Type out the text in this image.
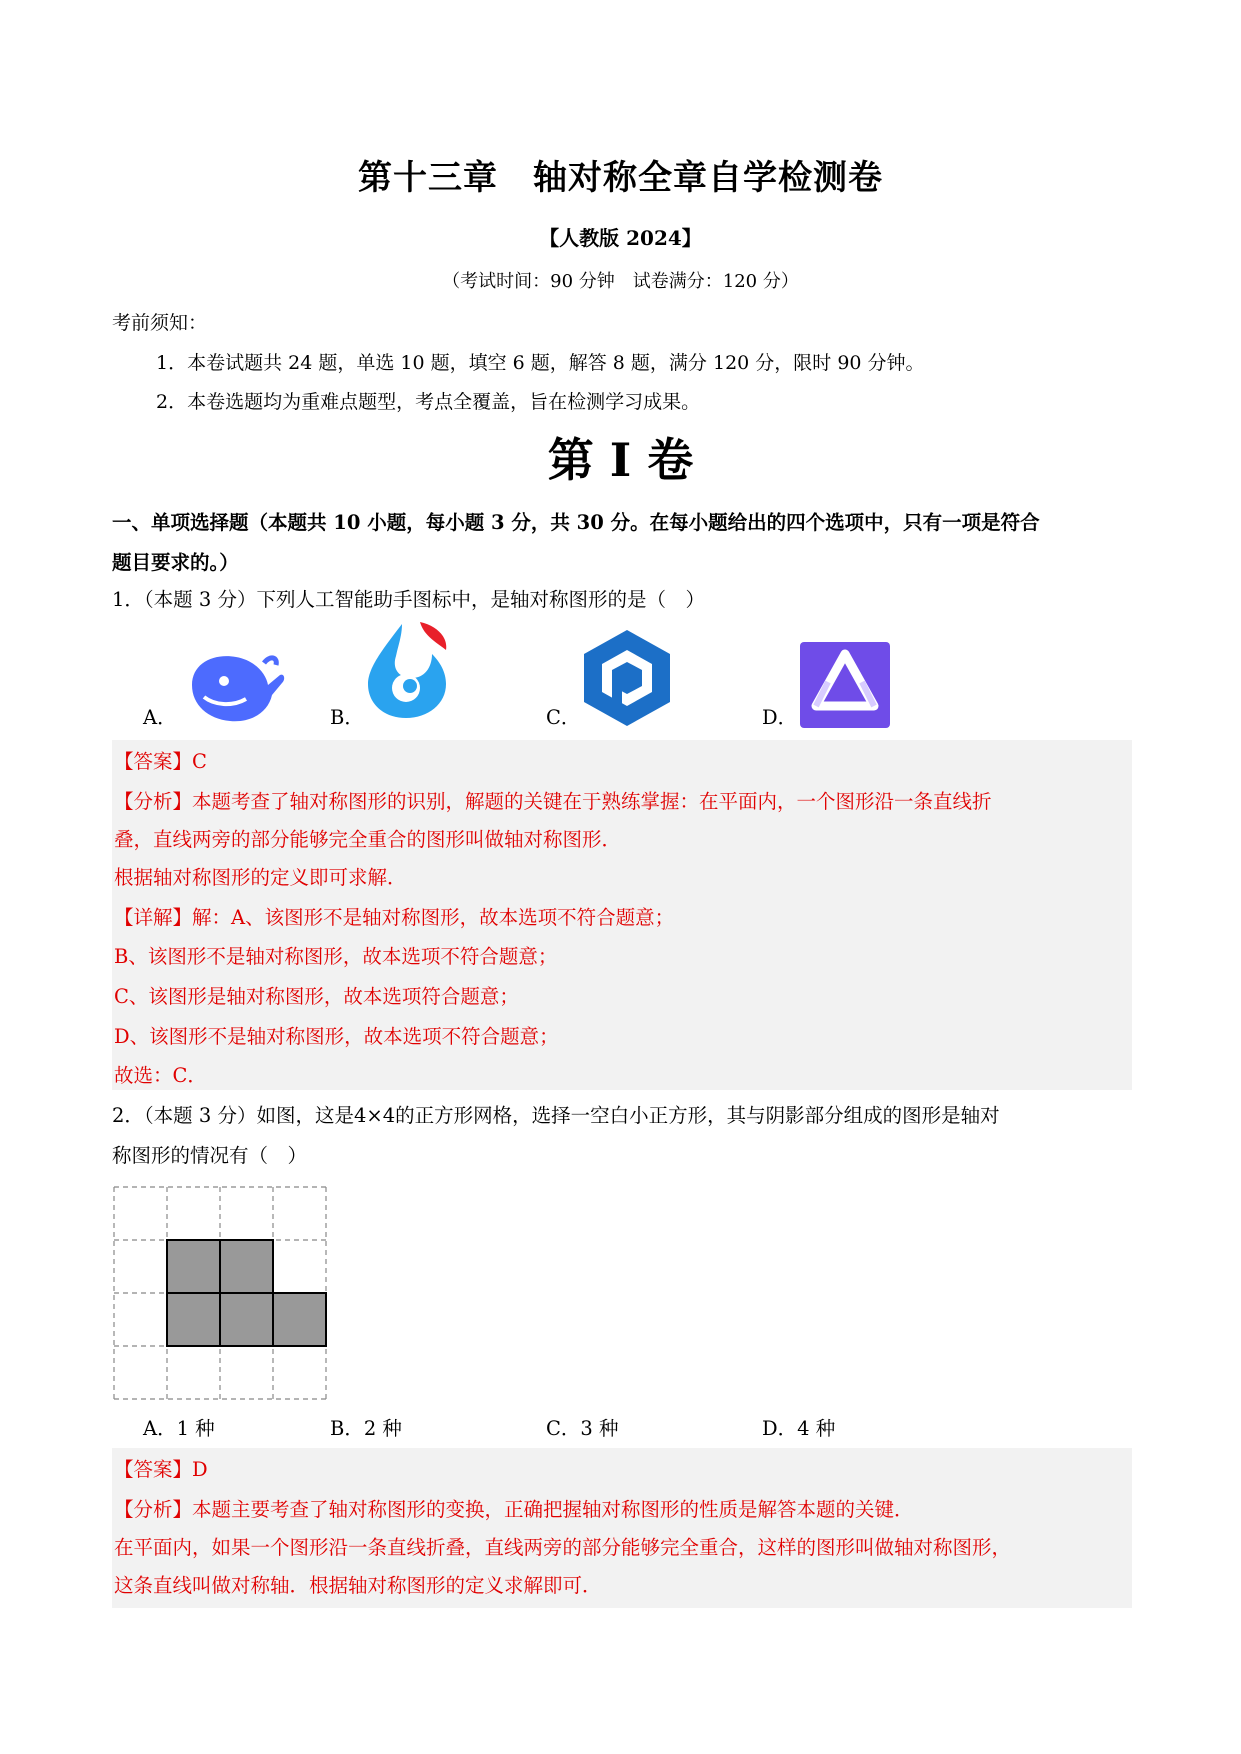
第十三章　轴对称全章自学检测卷
【人教版 2024】
（考试时间：90 分钟　试卷满分：120 分）
考前须知：
1．本卷试题共 24 题，单选 10 题，填空 6 题，解答 8 题，满分 120 分，限时 90 分钟。
2．本卷选题均为重难点题型，考点全覆盖，旨在检测学习成果。
第 I 卷
一、单项选择题（本题共 10 小题，每小题 3 分，共 30 分。在每小题给出的四个选项中，只有一项是符合
题目要求的。）
1．（本题 3 分）下列人工智能助手图标中，是轴对称图形的是（　）
A．	B．	C．	D．
【答案】C
【分析】本题考查了轴对称图形的识别，解题的关键在于熟练掌握：在平面内，一个图形沿一条直线折
叠，直线两旁的部分能够完全重合的图形叫做轴对称图形．
根据轴对称图形的定义即可求解．
【详解】解：A、该图形不是轴对称图形，故本选项不符合题意；
B、该图形不是轴对称图形，故本选项不符合题意；
C、该图形是轴对称图形，故本选项符合题意；
D、该图形不是轴对称图形，故本选项不符合题意；
故选：C．
2．（本题 3 分）如图，这是4×4的正方形网格，选择一空白小正方形，其与阴影部分组成的图形是轴对
称图形的情况有（　）
A．1 种	B．2 种	C．3 种	D．4 种
【答案】D
【分析】本题主要考查了轴对称图形的变换，正确把握轴对称图形的性质是解答本题的关键．
在平面内，如果一个图形沿一条直线折叠，直线两旁的部分能够完全重合，这样的图形叫做轴对称图形，
这条直线叫做对称轴．根据轴对称图形的定义求解即可．
